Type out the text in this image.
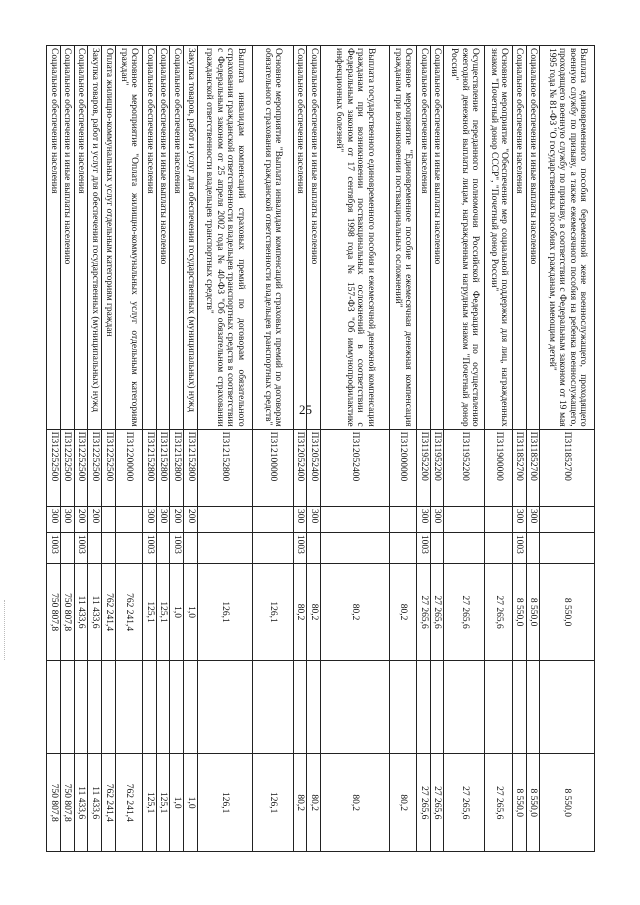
25	Выплата единовременного пособия беременной жене военнослужащего, проходящего военную службу по призыву, а также ежемесячного пособия на ребенка военнослужащего, проходящего военную службу по призыву, в соответствии с Федеральным законом от 19 мая 1995 года № 81-ФЗ "О государственных пособиях гражданам, имеющим детей"	П311852700			8 550,0		8 550,0
Социальное обеспечение и иные выплаты населению	П311852700	300		8 550,0		8 550,0
Социальное обеспечение населения	П311852700	300	1003	8 550,0		8 550,0
Основное мероприятие "Обеспечение мер социальной поддержки для лиц, награжденных знаком "Почетный донор СССР", "Почетный донор России"	П311900000			27 265,6		27 265,6
Осуществление переданного полномочия Российской Федерации по осуществлению ежегодной денежной выплаты лицам, награжденным нагрудным знаком "Почетный донор России"	П311952200			27 265,6		27 265,6
Социальное обеспечение и иные выплаты населению	П311952200	300		27 265,6		27 265,6
Социальное обеспечение населения	П311952200	300	1003	27 265,6		27 265,6
Основное мероприятие "Единовременное пособие и ежемесячная денежная компенсация гражданам при возникновении поствакцинальных осложнений"	П312000000			80,2		80,2
Выплата государственного единовременного пособия и ежемесячной денежной компенсации гражданам при возникновении поствакцинальных осложнений в соответствии с Федеральным законом от 17 сентября 1998 года № 157-ФЗ "Об иммунопрофилактике инфекционных болезней"	П312052400			80,2		80,2
Социальное обеспечение и иные выплаты населению	П312052400	300		80,2		80,2
Социальное обеспечение населения	П312052400	300	1003	80,2		80,2
Основное мероприятие "Выплата инвалидам компенсаций страховых премий по договорам обязательного страхования гражданской ответственности владельцев транспортных средств"	П312100000			126,1		126,1
Выплата инвалидам компенсаций страховых премий по договорам обязательного страхования гражданской ответственности владельцев транспортных средств в соответствии с Федеральным законом от 25 апреля 2002 года № 40-ФЗ "Об обязательном страховании гражданской ответственности владельцев транспортных средств"	П312152800			126,1		126,1
Закупка товаров, работ и услуг для обеспечения государственных (муниципальных) нужд	П312152800	200		1,0		1,0
Социальное обеспечение населения	П312152800	200	1003	1,0		1,0
Социальное обеспечение и иные выплаты населению	П312152800	300		125,1		125,1
Социальное обеспечение населения	П312152800	300	1003	125,1		125,1
Основное мероприятие "Оплата жилищно-коммунальных услуг отдельным категориям граждан"	П312200000			762 241,4		762 241,4
Оплата жилищно-коммунальных услуг отдельным категориям граждан	П312252500			762 241,4		762 241,4
Закупка товаров, работ и услуг для обеспечения государственных (муниципальных) нужд	П312252500	200		11 433,6		11 433,6
Социальное обеспечение населения	П312252500	200	1003	11 433,6		11 433,6
Социальное обеспечение и иные выплаты населению	П312252500	300		750 807,8		750 807,8
Социальное обеспечение населения	П312252500	300	1003	750 807,8		750 807,8
